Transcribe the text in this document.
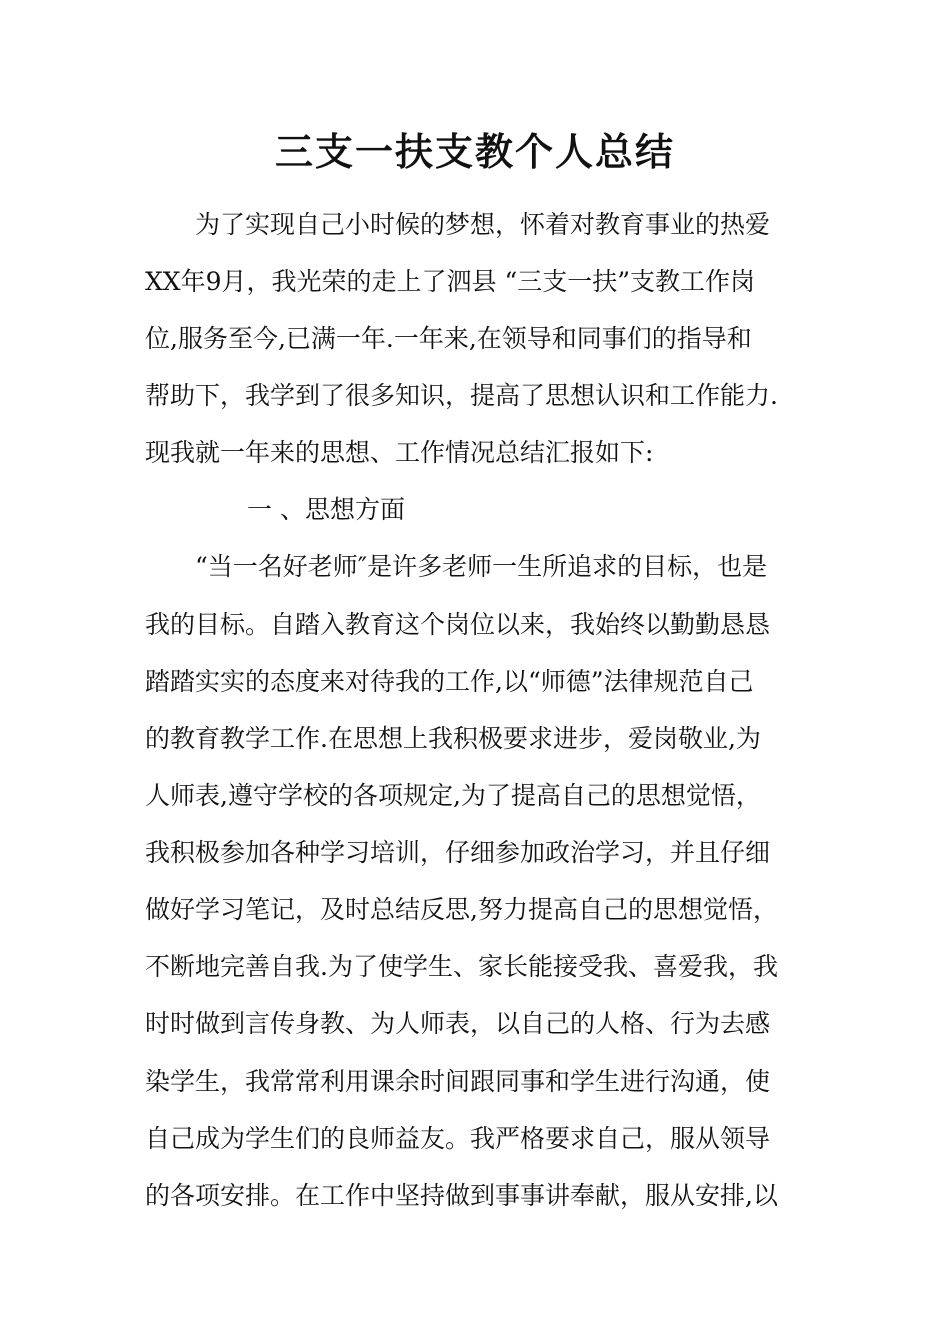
三支一扶支教个人总结

为了实现自己小时候的梦想，怀着对教育事业的热爱

XX年9月，我光荣的走上了泗县 “三支一扶”支教工作岗

位,服务至今,已满一年.一年来,在领导和同事们的指导和

帮助下，我学到了很多知识，提高了思想认识和工作能力.

现我就一年来的思想、工作情况总结汇报如下:

一 、思想方面

“当一名好老师″是许多老师一生所追求的目标，也是

我的目标。自踏入教育这个岗位以来，我始终以勤勤恳恳

踏踏实实的态度来对待我的工作,以“师德”法律规范自己

的教育教学工作.在思想上我积极要求进步，爱岗敬业,为

人师表,遵守学校的各项规定,为了提高自己的思想觉悟，

我积极参加各种学习培训，仔细参加政治学习，并且仔细

做好学习笔记，及时总结反思,努力提高自己的思想觉悟，

不断地完善自我.为了使学生、家长能接受我、喜爱我，我

时时做到言传身教、为人师表，以自己的人格、行为去感

染学生，我常常利用课余时间跟同事和学生进行沟通，使

自己成为学生们的良师益友。我严格要求自己，服从领导

的各项安排。在工作中坚持做到事事讲奉献，服从安排,以
